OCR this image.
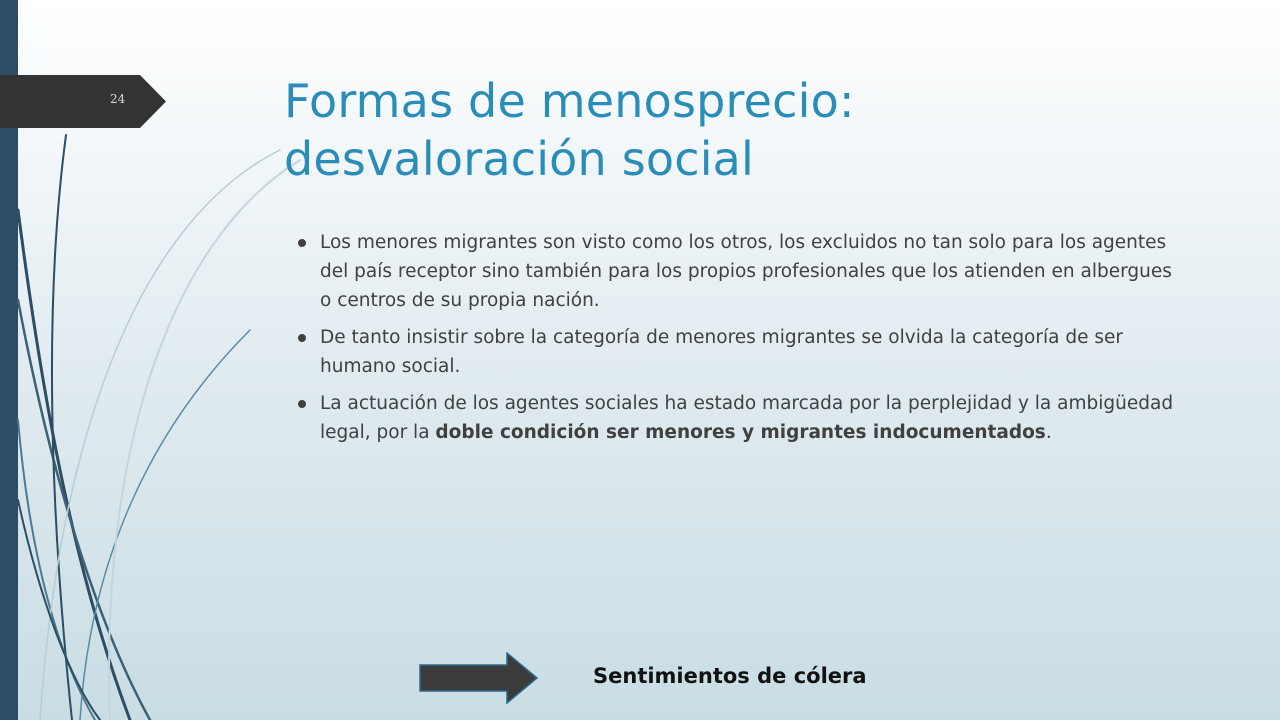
24	Formas de menosprecio:
desvaloración social
Los menores migrantes son visto como los otros, los excluidos no tan solo para los agentes del país receptor sino también para los propios profesionales que los atienden en albergues o centros de su propia nación.
De tanto insistir sobre la categoría de menores migrantes se olvida la categoría de ser humano social.
La actuación de los agentes sociales ha estado marcada por la perplejidad y la ambigüedad legal, por la doble condición ser menores y migrantes indocumentados.
Sentimientos de cólera
